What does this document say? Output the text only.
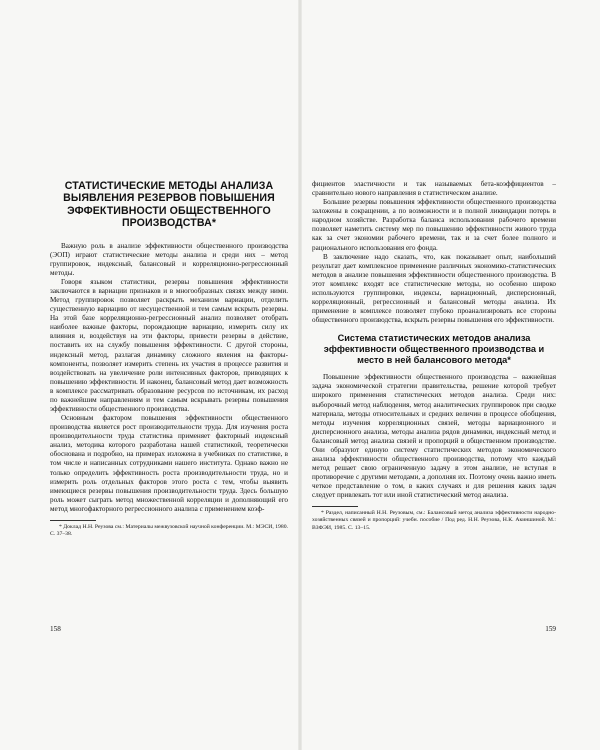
СТАТИСТИЧЕСКИЕ МЕТОДЫ АНАЛИЗА ВЫЯВЛЕНИЯ РЕЗЕРВОВ ПОВЫШЕНИЯ ЭФФЕКТИВНОСТИ ОБЩЕСТВЕННОГО ПРОИЗВОДСТВА*

Важную роль в анализе эффективности общественного производства (ЭОП) играют статистические методы анализа и среди них – метод группировок, индексный, балансовый и корреляционно-регрессионный методы.

Говоря языком статистики, резервы повышения эффективности заключаются в вариации признаков и в многообразных связях между ними. Метод группировок позволяет раскрыть механизм вариации, отделить существенную вариацию от несущественной и тем самым вскрыть резервы. На этой базе корреляционно-регрессионный анализ позволяет отобрать наиболее важные факторы, порождающие вариацию, измерить силу их влияния и, воздействуя на эти факторы, привести резервы в действие, поставить их на службу повышения эффективности. С другой стороны, индексный метод, разлагая динамику сложного явления на факторы-компоненты, позволяет измерить степень их участия в процессе развития и воздействовать на увеличение роли интенсивных факторов, приводящих к повышению эффективности. И наконец, балансовый метод дает возможность в комплексе рассматривать образование ресурсов по источникам, их расход по важнейшим направлениям и тем самым вскрывать резервы повышения эффективности общественного производства.

Основным фактором повышения эффективности общественного производства является рост производительности труда. Для изучения роста производительности труда статистика применяет факторный индексный анализ, методика которого разработана нашей статистикой, теоретически обоснована и подробно, на примерах изложена в учебниках по статистике, в том числе и написанных сотрудниками нашего института. Однако важно не только определить эффективность роста производительности труда, но и измерить роль отдельных факторов этого роста с тем, чтобы выявить имеющиеся резервы повышения производительности труда. Здесь большую роль может сыграть метод множественной корреляции и дополняющий его метод многофакторного регрессионного анализа с применением коэф-

* Доклад Н.Н. Реузова см.: Материалы межвузовской научной конференции. М.: МЭСИ, 1980. С. 37–38.

158

фициентов эластичности и так называемых бета-коэффициентов – сравнительно нового направления в статистическом анализе.

Большие резервы повышения эффективности общественного производства заложены в сокращении, а по возможности и в полной ликвидации потерь в народном хозяйстве. Разработка баланса использования рабочего времени позволяет наметить систему мер по повышению эффективности живого труда как за счет экономии рабочего времени, так и за счет более полного и рационального использования его фонда.

В заключение надо сказать, что, как показывает опыт, наибольший результат дает комплексное применение различных экономико-статистических методов в анализе повышения эффективности общественного производства. В этот комплекс входят все статистические методы, но особенно широко используются группировки, индексы, вариационный, дисперсионный, корреляционный, регрессионный и балансовый методы анализа. Их применение в комплексе позволяет глубоко проанализировать все стороны общественного производства, вскрыть резервы повышения его эффективности.

Система статистических методов анализа эффективности общественного производства и место в ней балансового метода*

Повышение эффективности общественного производства – важнейшая задача экономической стратегии правительства, решение которой требует широкого применения статистических методов анализа. Среди них: выборочный метод наблюдения, метод аналитических группировок при сводке материала, методы относительных и средних величин в процессе обобщения, методы изучения корреляционных связей, методы вариационного и дисперсионного анализа, методы анализа рядов динамики, индексный метод и балансовый метод анализа связей и пропорций в общественном производстве. Они образуют единую систему статистических методов экономического анализа эффективности общественного производства, потому что каждый метод решает свою ограниченную задачу в этом анализе, не вступая в противоречие с другими методами, а дополняя их. Поэтому очень важно иметь четкое представление о том, в каких случаях и для решения каких задач следует привлекать тот или иной статистический метод анализа.

* Раздел, написанный Н.Н. Реузовым, см.: Балансовый метод анализа эффективности народно-хозяйственных связей и пропорций: учебн. пособие / Под ред. Н.Н. Реузова, Н.К. Акиншиной. М.: ВЗФЭИ, 1985. С. 13–15.

159
